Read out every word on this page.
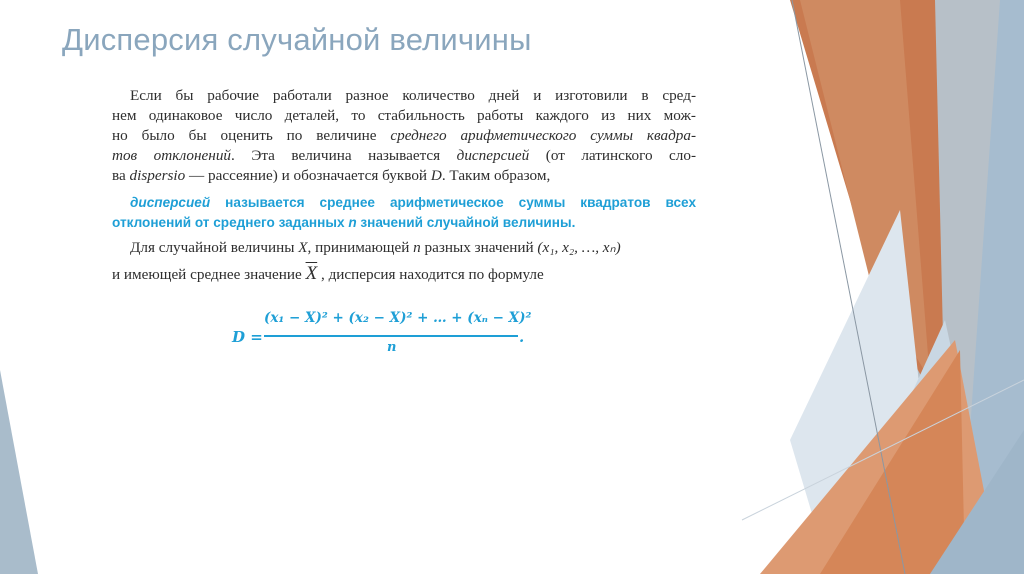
Дисперсия случайной величины
Если бы рабочие работали разное количество дней и изготовили в сред-
нем одинаковое число деталей, то стабильность работы каждого из них мож-
но было бы оценить по величине среднего арифметического суммы квадра-
тов отклонений. Эта величина называется дисперсией (от латинского сло-
ва dispersio — рассеяние) и обозначается буквой D. Таким образом,
дисперсией называется среднее арифметическое суммы квадратов всех отклонений от среднего заданных n значений случайной величины.
Для случайной величины X, принимающей n разных значений (x₁, x₂, …, xₙ)
и имеющей среднее значение $\overline{X}$ , дисперсия находится по формуле
D =
(x₁ − X)² + (x₂ − X)² + … + (xₙ − X)²
n
.
